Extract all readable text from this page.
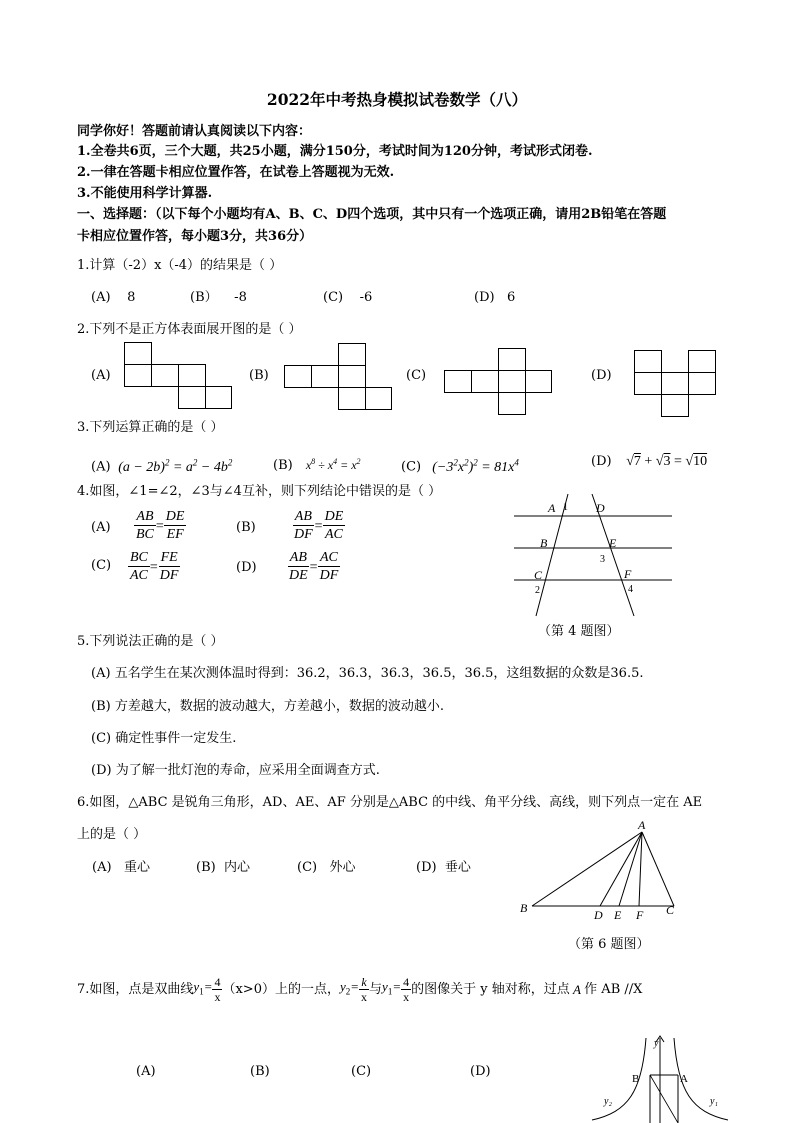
2022年中考热身模拟试卷数学（八）
同学你好！答题前请认真阅读以下内容：
1.全卷共6页，三个大题，共25小题，满分150分，考试时间为120分钟，考试形式闭卷.
2.一律在答题卡相应位置作答，在试卷上答题视为无效.
3.不能使用科学计算器.
一、选择题：（以下每个小题均有A、B、C、D四个选项，其中只有一个选项正确，请用2B铅笔在答题
卡相应位置作答，每小题3分，共36分）
1.计算（-2）x（-4）的结果是（ ）
(A) 8	(B） -8	(C) -6	(D) 6
2.下列不是正方体表面展开图的是（ ）
(A)	(B)	(C)	(D)
3.下列运算正确的是（ ）
(A)  $(a - 2b)^2 = a^2 - 4b^2$	(B)    $x^8 \div x^4 = x^2$	(C)   $(-3^2x^2)^2 = 81x^4$	(D)    √7 + √3 = √10
4.如图，∠1=∠2，∠3与∠4互补，则下列结论中错误的是（ ）
$(A) \frac{AB}{BC} = \frac{DE}{EF}$	(B)	$\frac{AB}{DF} = \frac{DE}{AC}$
$(C) \frac{BC}{AC} = \frac{FE}{DF}$	$(D) \frac{AB}{DE} = \frac{AC}{DF}$
A 1 D
B	E
3
C	F
2	4
（第 4 题图）
5.下列说法正确的是（ ）
(A) 五名学生在某次测体温时得到：36.2，36.3，36.3，36.5，36.5，这组数据的众数是36.5.
(B) 方差越大，数据的波动越大，方差越小，数据的波动越小.
(C) 确定性事件一定发生.
(D) 为了解一批灯泡的寿命，应采用全面调查方式.
6.如图，△ABC 是锐角三角形，AD、AE、AF 分别是△ABC 的中线、角平分线、高线，则下列点一定在 AE
上的是（ ）
(A) 重心	(B) 内心	(C) 外心	(D) 垂心
A
B	D E F C
（第 6 题图）
7.如图，点是双曲线 $y_1= \frac{4}{x} (x>0)$上的一点， $y_2= \frac{k}{x}$ 与 $y_1= \frac{4}{x}$ 的图像关于 y 轴对称，过点 A 作 AB //X
(A)	(B)	(C)	(D)
y
B	A
y₂	y₁
